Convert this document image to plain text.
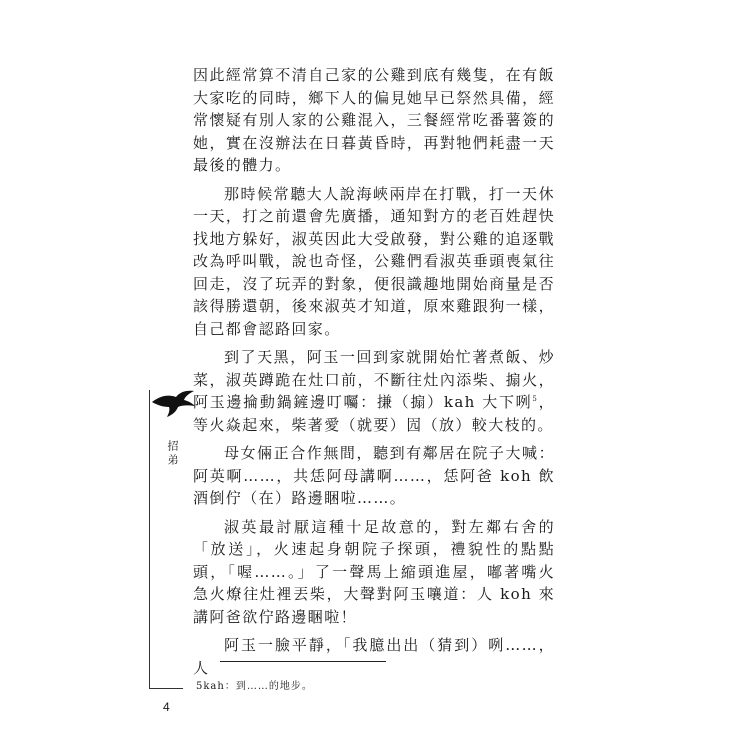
因此經常算不清自己家的公雞到底有幾隻，在有飯大家吃的同時，鄉下人的偏見她早已祭然具備，經常懷疑有別人家的公雞混入，三餐經常吃番薯簽的她，實在沒辦法在日暮黃昏時，再對牠們耗盡一天最後的體力。

那時候常聽大人說海峽兩岸在打戰，打一天休一天，打之前還會先廣播，通知對方的老百姓趕快找地方躲好，淑英因此大受啟發，對公雞的追逐戰改為呼叫戰，說也奇怪，公雞們看淑英垂頭喪氣往回走，沒了玩弄的對象，便很識趣地開始商量是否該得勝還朝，後來淑英才知道，原來雞跟狗一樣，自己都會認路回家。

到了天黑，阿玉一回到家就開始忙著煮飯、炒菜，淑英蹲跪在灶口前，不斷往灶內添柴、搧火，阿玉邊掄動鍋鏟邊叮囑：搛（搧）kah 大下咧$^5$，等火焱起來，柴著愛（就要）囥（放）較大枝的。

母女倆正合作無間，聽到有鄰居在院子大喊：阿英啊……，共恁阿母講啊……，恁阿爸 koh 飲酒倒佇（在）路邊睏啦……。

淑英最討厭這種十足故意的，對左鄰右舍的「放送」，火速起身朝院子探頭，禮貌性的點點頭，「喔……。」了一聲馬上縮頭進屋，嘟著嘴火急火燎往灶裡丟柴，大聲對阿玉嚷道：人 koh 來講阿爸欲佇路邊睏啦！

阿玉一臉平靜，「我臆出出（猜到）咧……，人

招弟
5kah：到……的地步。
4
